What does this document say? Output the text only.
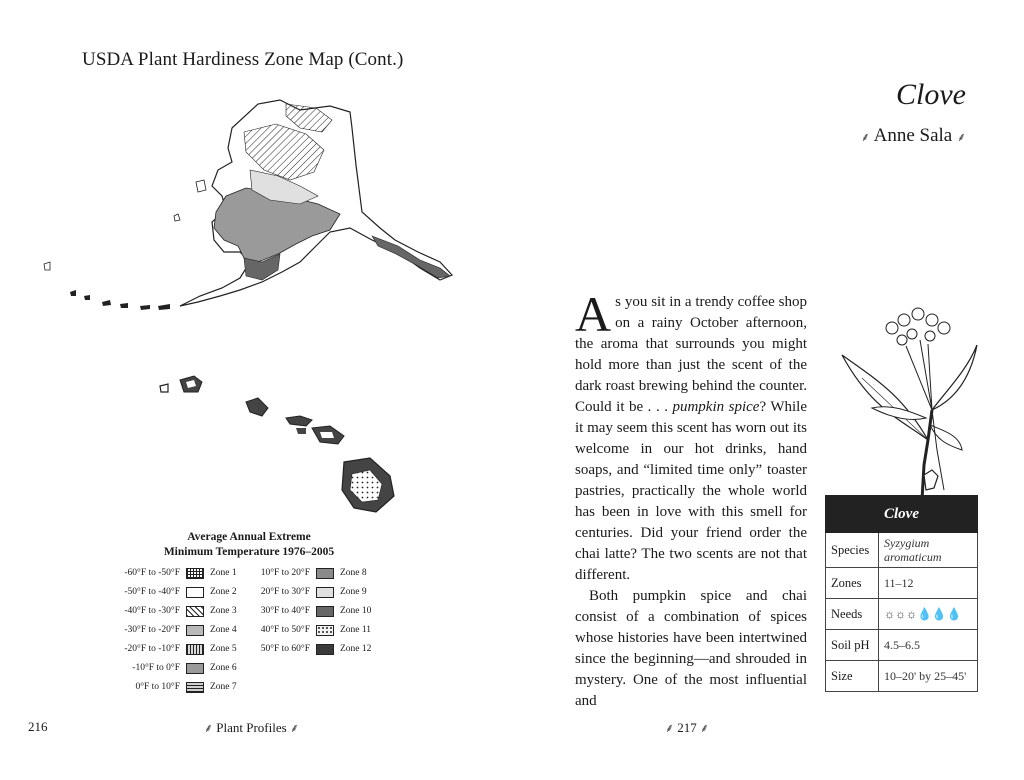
USDA Plant Hardiness Zone Map (Cont.)
Average Annual Extreme
Minimum Temperature 1976–2005
-60°F to -50°F	Zone 1
-50°F to -40°F	Zone 2
-40°F to -30°F	Zone 3
-30°F to -20°F	Zone 4
-20°F to -10°F	Zone 5
-10°F to 0°F	Zone 6
0°F to 10°F	Zone 7
10°F to 20°F	Zone 8
20°F to 30°F	Zone 9
30°F to 40°F	Zone 10
40°F to 50°F	Zone 11
50°F to 60°F	Zone 12
216	⸙ Plant Profiles ⸙
Clove
⸙ Anne Sala ⸙

As you sit in a trendy coffee shop on a rainy October afternoon, the aroma that surrounds you might hold more than just the scent of the dark roast brewing behind the counter. Could it be . . . pumpkin spice? While it may seem this scent has worn out its welcome in our hot drinks, hand soaps, and “limited time only” toaster pastries, practically the whole world has been in love with this smell for centuries. Did your friend order the chai latte? The two scents are not that different.

Both pumpkin spice and chai consist of a combination of spices whose histories have been intertwined since the beginning—and shrouded in mystery. One of the most influential and

Clove	
Species	Syzygium aromaticum
Zones	11–12
Needs	☼☼☼💧💧💧
Soil pH	4.5–6.5
Size	10–20' by 25–45'
⸙ 217 ⸙
